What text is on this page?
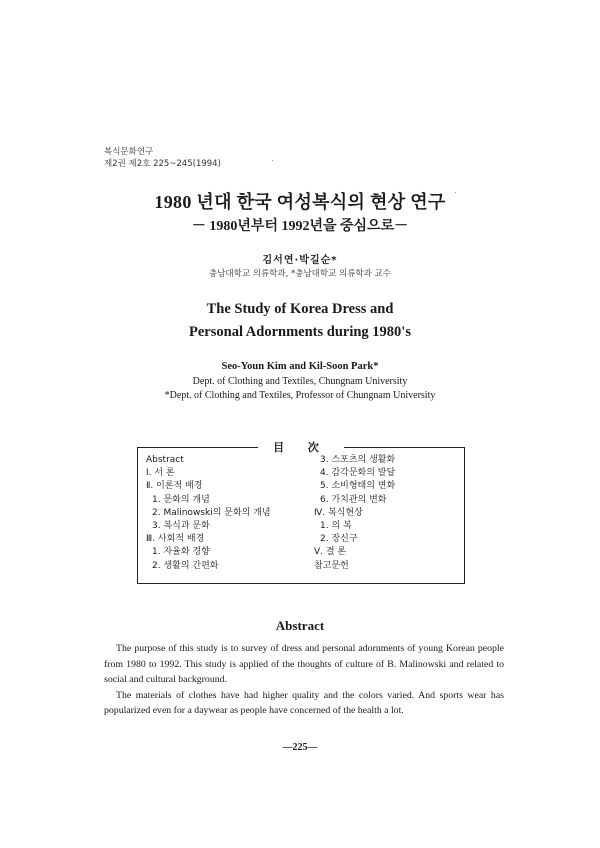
복식문화연구
제2권 제2호 225~245(1994)
1980 년대 한국 여성복식의 현상 연구
－ 1980년부터 1992년을 중심으로－
김서연·박길순*
충남대학교 의류학과, *충남대학교 의류학과 교수
The Study of Korea Dress and
Personal Adornments during 1980's
Seo-Youn Kim and Kil-Soon Park*
Dept. of Clothing and Textiles, Chungnam University
*Dept. of Clothing and Textiles, Professor of Chungnam University
目 次
Abstract
Ⅰ. 서 론
Ⅱ. 이론적 배경
1. 문화의 개념
2. Malinowski의 문화의 개념
3. 복식과 문화
Ⅲ. 사회적 배경
1. 자율화 경향
2. 생활의 간편화
3. 스포츠의 생활화
4. 감각문화의 발달
5. 소비형태의 변화
6. 가치관의 변화
Ⅳ. 복식현상
1. 의 복
2. 장신구
Ⅴ. 결 론
참고문헌
Abstract

The purpose of this study is to survey of dress and personal adornments of young Korean people from 1980 to 1992. This study is applied of the thoughts of culture of B. Malinowski and related to social and cultural background.

The materials of clothes have had higher quality and the colors varied. And sports wear has popularized even for a daywear as people have concerned of the health a lot.

—225—
